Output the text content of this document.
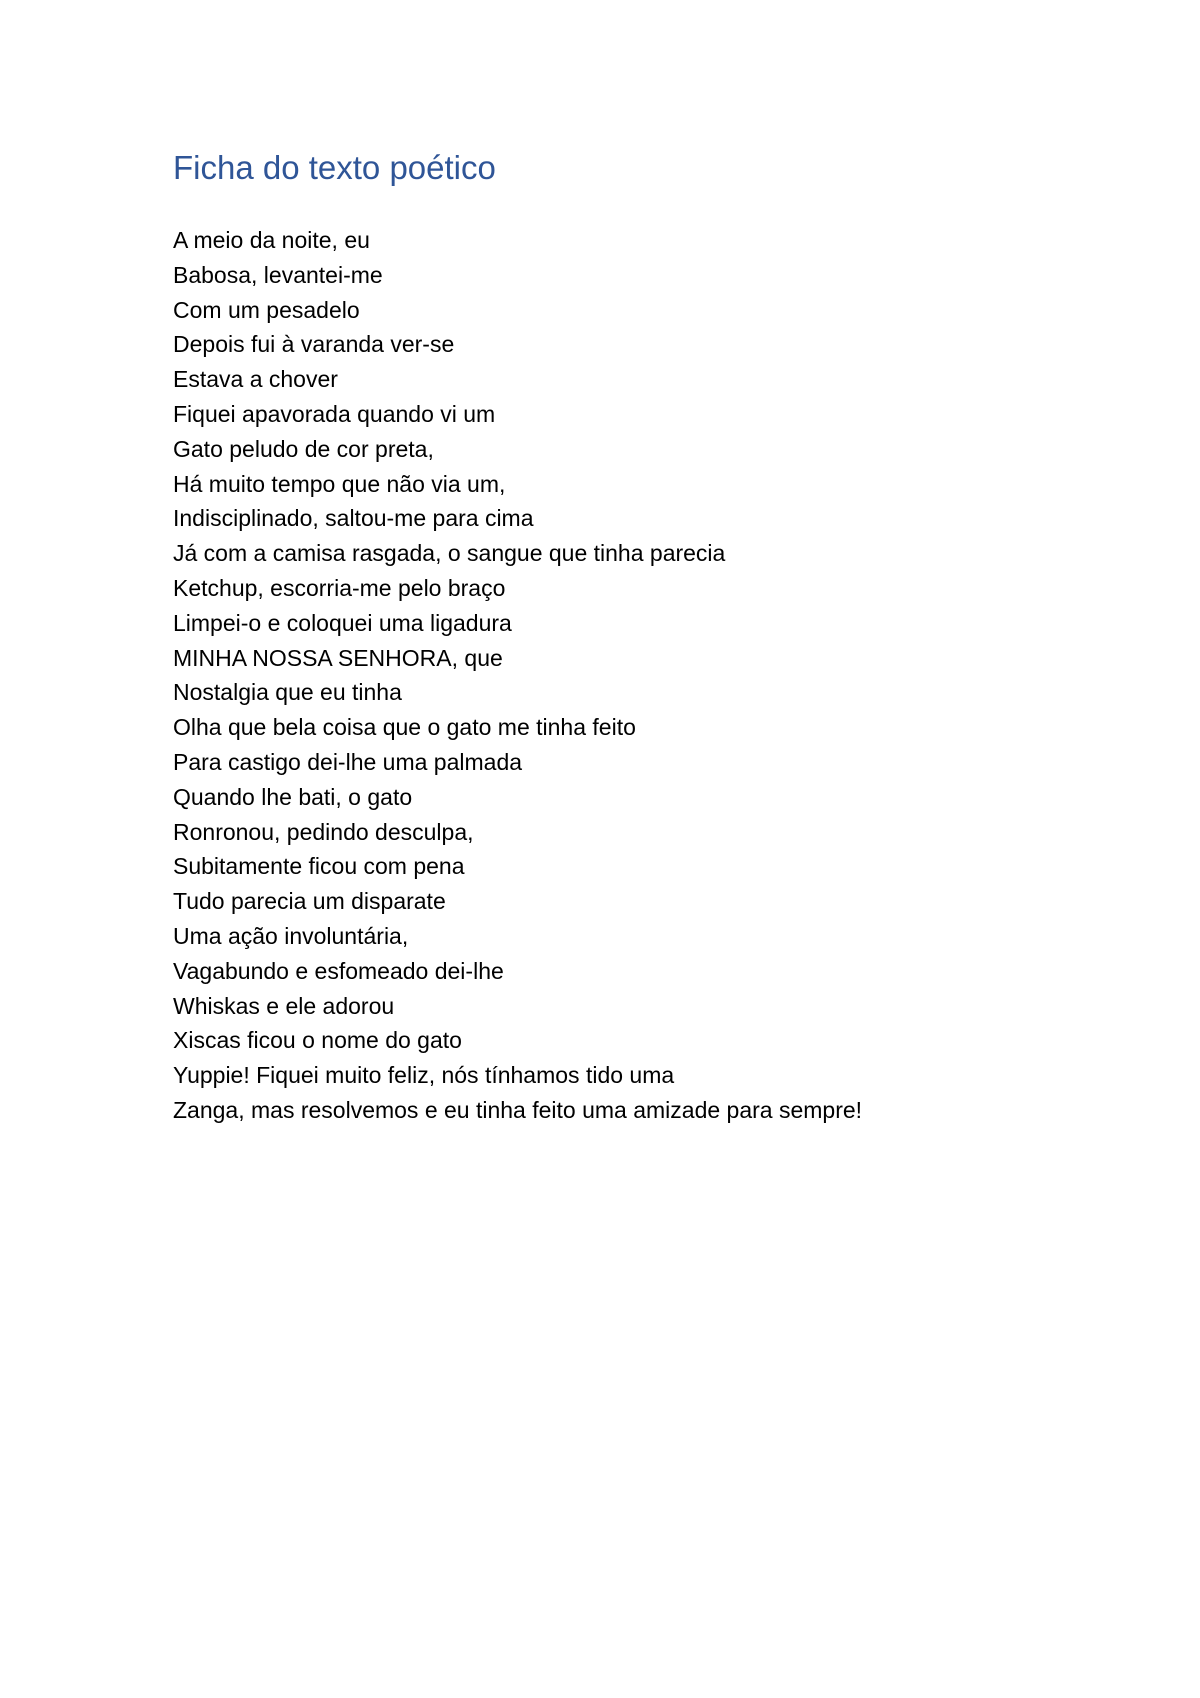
Ficha do texto poético
A meio da noite, eu
Babosa, levantei-me
Com um pesadelo
Depois fui à varanda ver-se
Estava a chover
Fiquei apavorada quando vi um
Gato peludo de cor preta,
Há muito tempo que não via um,
Indisciplinado, saltou-me para cima
Já com a camisa rasgada, o sangue que tinha parecia
Ketchup, escorria-me pelo braço
Limpei-o e coloquei uma ligadura
MINHA NOSSA SENHORA, que
Nostalgia que eu tinha
Olha que bela coisa que o gato me tinha feito
Para castigo dei-lhe uma palmada
Quando lhe bati, o gato
Ronronou, pedindo desculpa,
Subitamente ficou com pena
Tudo parecia um disparate
Uma ação involuntária,
Vagabundo e esfomeado dei-lhe
Whiskas e ele adorou
Xiscas ficou o nome do gato
Yuppie! Fiquei muito feliz, nós tínhamos tido uma
Zanga, mas resolvemos e eu tinha feito uma amizade para sempre!
